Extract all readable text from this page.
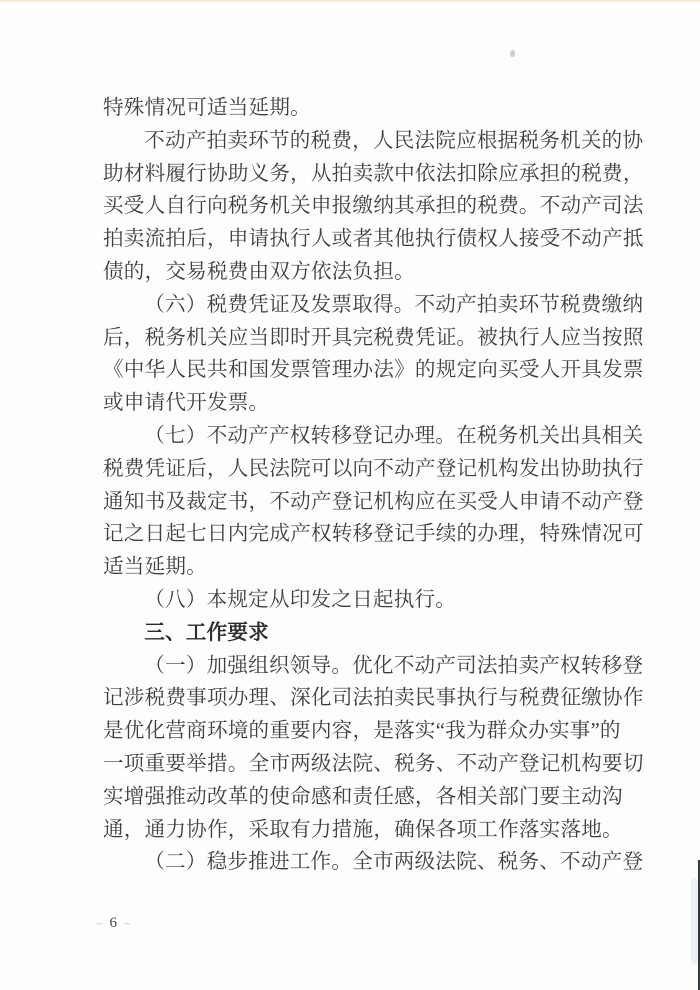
特殊情况可适当延期。
不动产拍卖环节的税费，人民法院应根据税务机关的协
助材料履行协助义务，从拍卖款中依法扣除应承担的税费，
买受人自行向税务机关申报缴纳其承担的税费。不动产司法
拍卖流拍后，申请执行人或者其他执行债权人接受不动产抵
债的，交易税费由双方依法负担。
（六）税费凭证及发票取得。不动产拍卖环节税费缴纳
后，税务机关应当即时开具完税费凭证。被执行人应当按照
《中华人民共和国发票管理办法》的规定向买受人开具发票
或申请代开发票。
（七）不动产产权转移登记办理。在税务机关出具相关
税费凭证后，人民法院可以向不动产登记机构发出协助执行
通知书及裁定书，不动产登记机构应在买受人申请不动产登
记之日起七日内完成产权转移登记手续的办理，特殊情况可
适当延期。
（八）本规定从印发之日起执行。
三、工作要求
（一）加强组织领导。优化不动产司法拍卖产权转移登
记涉税费事项办理、深化司法拍卖民事执行与税费征缴协作
是优化营商环境的重要内容，是落实“我为群众办实事”的
一项重要举措。全市两级法院、税务、不动产登记机构要切
实增强推动改革的使命感和责任感，各相关部门要主动沟
通，通力协作，采取有力措施，确保各项工作落实落地。
（二）稳步推进工作。全市两级法院、税务、不动产登
– 6 –
